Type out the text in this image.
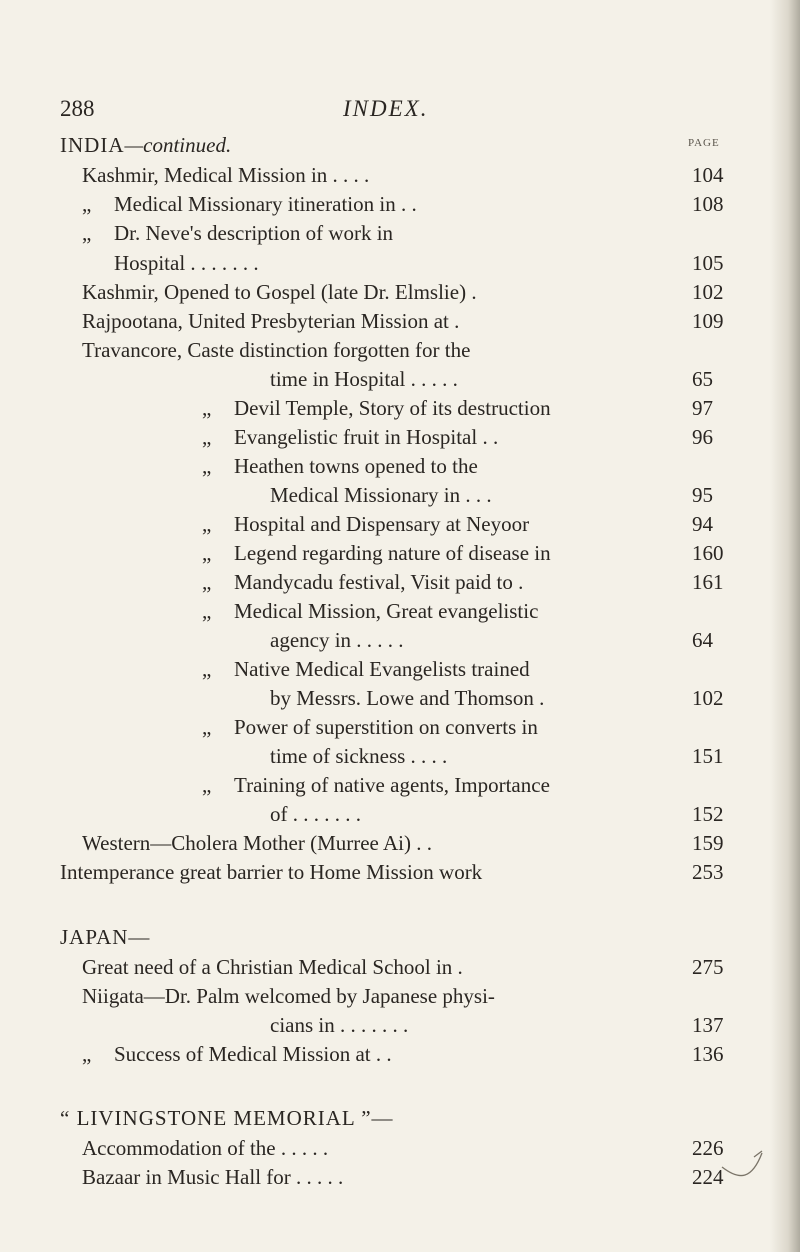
288	INDEX.
PAGE
INDIA—continued.
Kashmir, Medical Mission in . . . .	104
„ Medical Missionary itineration in . .	108
„ Dr. Neve's description of work in
Hospital . . . . . . .	105
Kashmir, Opened to Gospel (late Dr. Elmslie) .	102
Rajpootana, United Presbyterian Mission at .	109
Travancore, Caste distinction forgotten for the
time in Hospital . . . . .	65
„ Devil Temple, Story of its destruction	97
„ Evangelistic fruit in Hospital . .	96
„ Heathen towns opened to the
Medical Missionary in . . .	95
„ Hospital and Dispensary at Neyoor	94
„ Legend regarding nature of disease in	160
„ Mandycadu festival, Visit paid to .	161
„ Medical Mission, Great evangelistic
agency in . . . . .	64
„ Native Medical Evangelists trained
by Messrs. Lowe and Thomson .	102
„ Power of superstition on converts in
time of sickness . . . .	151
„ Training of native agents, Importance
of . . . . . . .	152
Western—Cholera Mother (Murree Ai) . .	159
Intemperance great barrier to Home Mission work	253
JAPAN—
Great need of a Christian Medical School in .	275
Niigata—Dr. Palm welcomed by Japanese physi-
cians in . . . . . . .	137
„ Success of Medical Mission at . .	136
“ LIVINGSTONE MEMORIAL ”—
Accommodation of the . . . . .	226
Bazaar in Music Hall for . . . . .	224
